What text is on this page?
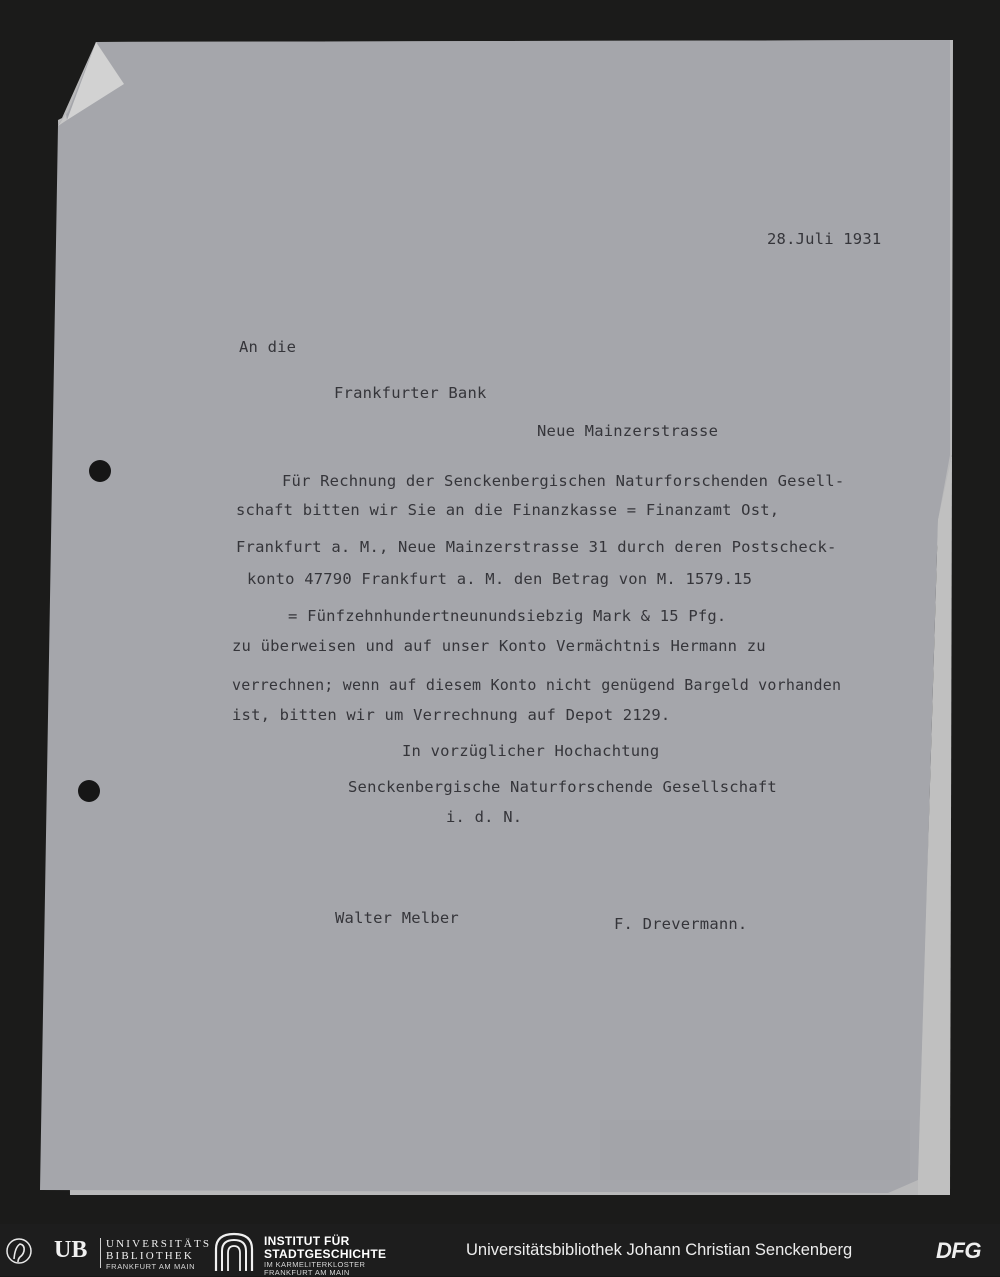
28.Juli 1931
An die
Frankfurter Bank
Neue Mainzerstrasse
Für Rechnung der Senckenbergischen Naturforschenden Gesell-
schaft bitten wir Sie an die Finanzkasse = Finanzamt Ost,
Frankfurt a. M., Neue Mainzerstrasse 31 durch deren Postscheck-
konto 47790 Frankfurt a. M. den Betrag von M. 1579.15
= Fünfzehnhundertneunundsiebzig Mark & 15 Pfg.
zu überweisen und auf unser Konto Vermächtnis Hermann zu
verrechnen; wenn auf diesem Konto nicht genügend Bargeld vorhanden
ist, bitten wir um Verrechnung auf Depot 2129.
In vorzüglicher Hochachtung
Senckenbergische Naturforschende Gesellschaft
i. d. N.
Walter Melber	F. Drevermann.
UB UNIVERSITÄTS
BIBLIOTHEK
FRANKFURT AM MAIN
INSTITUT FÜR
STADTGESCHICHTE
IM KARMELITERKLOSTER
FRANKFURT AM MAIN
Universitätsbibliothek Johann Christian Senckenberg	DFG
